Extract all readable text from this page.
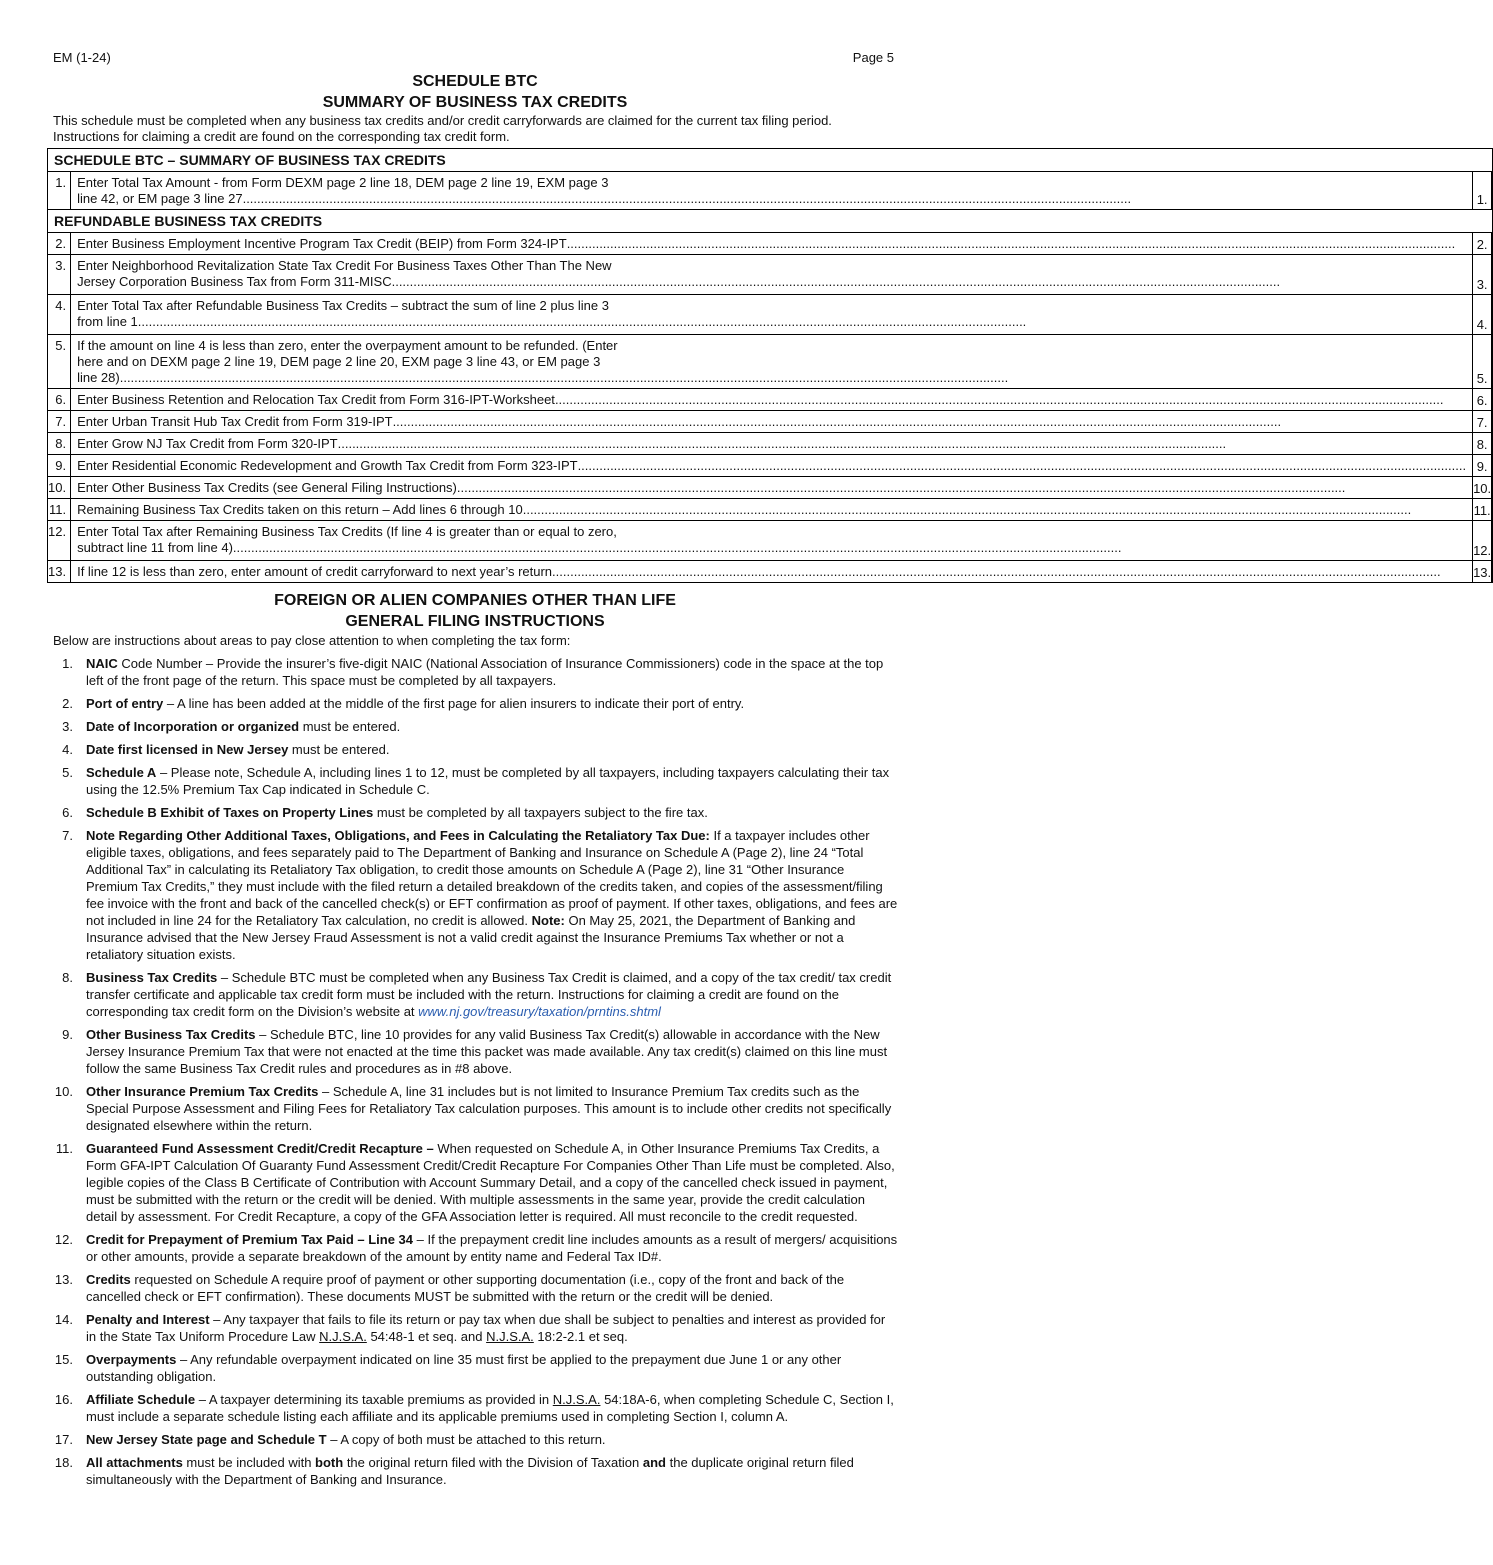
EM (1-24)	Page 5
SCHEDULE BTC
SUMMARY OF BUSINESS TAX CREDITS
This schedule must be completed when any business tax credits and/or credit carryforwards are claimed for the current tax filing period.
Instructions for claiming a credit are found on the corresponding tax credit form.
SCHEDULE BTC – SUMMARY OF BUSINESS TAX CREDITS			
1.	Enter Total Tax Amount - from Form DEXM page 2 line 18, DEM page 2 line 19, EXM page 3
line 42, or EM page 3 line 27
.....	1.	
REFUNDABLE BUSINESS TAX CREDITS			
2.	Enter Business Employment Incentive Program Tax Credit (BEIP) from Form 324-IPT
.....	2.	
3.	Enter Neighborhood Revitalization State Tax Credit For Business Taxes Other Than The New
Jersey Corporation Business Tax from Form 311-MISC
.....	3.	
4.	Enter Total Tax after Refundable Business Tax Credits – subtract the sum of line 2 plus line 3
from line 1
.....	4.	
5.	If the amount on line 4 is less than zero, enter the overpayment amount to be refunded. (Enter
here and on DEXM page 2 line 19, DEM page 2 line 20, EXM page 3 line 43, or EM page 3
line 28)
.....	5.	
6.	Enter Business Retention and Relocation Tax Credit from Form 316-IPT-Worksheet
.....	6.	
7.	Enter Urban Transit Hub Tax Credit from Form 319-IPT
.....	7.	
8.	Enter Grow NJ Tax Credit from Form 320-IPT
.....	8.	
9.	Enter Residential Economic Redevelopment and Growth Tax Credit from Form 323-IPT
.....	9.	
10.	Enter Other Business Tax Credits (see General Filing Instructions)
.....	10.	
11.	Remaining Business Tax Credits taken on this return – Add lines 6 through 10
.....	11.	
12.	Enter Total Tax after Remaining Business Tax Credits (If line 4 is greater than or equal to zero,
subtract line 11 from line 4)
.....	12.	
13.	If line 12 is less than zero, enter amount of credit carryforward to next year’s return
.....	13.	
FOREIGN OR ALIEN COMPANIES OTHER THAN LIFE
GENERAL FILING INSTRUCTIONS
Below are instructions about areas to pay close attention to when completing the tax form:
1. NAIC Code Number – Provide the insurer’s five-digit NAIC (National Association of Insurance Commissioners) code in the space at the top left of the front page of the return. This space must be completed by all taxpayers.
2. Port of entry – A line has been added at the middle of the first page for alien insurers to indicate their port of entry.
3. Date of Incorporation or organized must be entered.
4. Date first licensed in New Jersey must be entered.
5. Schedule A – Please note, Schedule A, including lines 1 to 12, must be completed by all taxpayers, including taxpayers calculating their tax using the 12.5% Premium Tax Cap indicated in Schedule C.
6. Schedule B Exhibit of Taxes on Property Lines must be completed by all taxpayers subject to the fire tax.
7. Note Regarding Other Additional Taxes, Obligations, and Fees in Calculating the Retaliatory Tax Due: If a taxpayer includes other eligible taxes, obligations, and fees separately paid to The Department of Banking and Insurance on Schedule A (Page 2), line 24 “Total Additional Tax” in calculating its Retaliatory Tax obligation, to credit those amounts on Schedule A (Page 2), line 31 “Other Insurance Premium Tax Credits,” they must include with the filed return a detailed breakdown of the credits taken, and copies of the assessment/filing fee invoice with the front and back of the cancelled check(s) or EFT confirmation as proof of payment. If other taxes, obligations, and fees are not included in line 24 for the Retaliatory Tax calculation, no credit is allowed. Note: On May 25, 2021, the Department of Banking and Insurance advised that the New Jersey Fraud Assessment is not a valid credit against the Insurance Premiums Tax whether or not a retaliatory situation exists.
8. Business Tax Credits – Schedule BTC must be completed when any Business Tax Credit is claimed, and a copy of the tax credit/ tax credit transfer certificate and applicable tax credit form must be included with the return. Instructions for claiming a credit are found on the corresponding tax credit form on the Division’s website at www.nj.gov/treasury/taxation/prntins.shtml
9. Other Business Tax Credits – Schedule BTC, line 10 provides for any valid Business Tax Credit(s) allowable in accordance with the New Jersey Insurance Premium Tax that were not enacted at the time this packet was made available. Any tax credit(s) claimed on this line must follow the same Business Tax Credit rules and procedures as in #8 above.
10. Other Insurance Premium Tax Credits – Schedule A, line 31 includes but is not limited to Insurance Premium Tax credits such as the Special Purpose Assessment and Filing Fees for Retaliatory Tax calculation purposes. This amount is to include other credits not specifically designated elsewhere within the return.
11. Guaranteed Fund Assessment Credit/Credit Recapture – When requested on Schedule A, in Other Insurance Premiums Tax Credits, a Form GFA-IPT Calculation Of Guaranty Fund Assessment Credit/Credit Recapture For Companies Other Than Life must be completed. Also, legible copies of the Class B Certificate of Contribution with Account Summary Detail, and a copy of the cancelled check issued in payment, must be submitted with the return or the credit will be denied. With multiple assessments in the same year, provide the credit calculation detail by assessment. For Credit Recapture, a copy of the GFA Association letter is required. All must reconcile to the credit requested.
12. Credit for Prepayment of Premium Tax Paid – Line 34 – If the prepayment credit line includes amounts as a result of mergers/ acquisitions or other amounts, provide a separate breakdown of the amount by entity name and Federal Tax ID#.
13. Credits requested on Schedule A require proof of payment or other supporting documentation (i.e., copy of the front and back of the cancelled check or EFT confirmation). These documents MUST be submitted with the return or the credit will be denied.
14. Penalty and Interest – Any taxpayer that fails to file its return or pay tax when due shall be subject to penalties and interest as provided for in the State Tax Uniform Procedure Law N.J.S.A. 54:48-1 et seq. and N.J.S.A. 18:2-2.1 et seq.
15. Overpayments – Any refundable overpayment indicated on line 35 must first be applied to the prepayment due June 1 or any other outstanding obligation.
16. Affiliate Schedule – A taxpayer determining its taxable premiums as provided in N.J.S.A. 54:18A-6, when completing Schedule C, Section I, must include a separate schedule listing each affiliate and its applicable premiums used in completing Section I, column A.
17. New Jersey State page and Schedule T – A copy of both must be attached to this return.
18. All attachments must be included with both the original return filed with the Division of Taxation and the duplicate original return filed simultaneously with the Department of Banking and Insurance.
